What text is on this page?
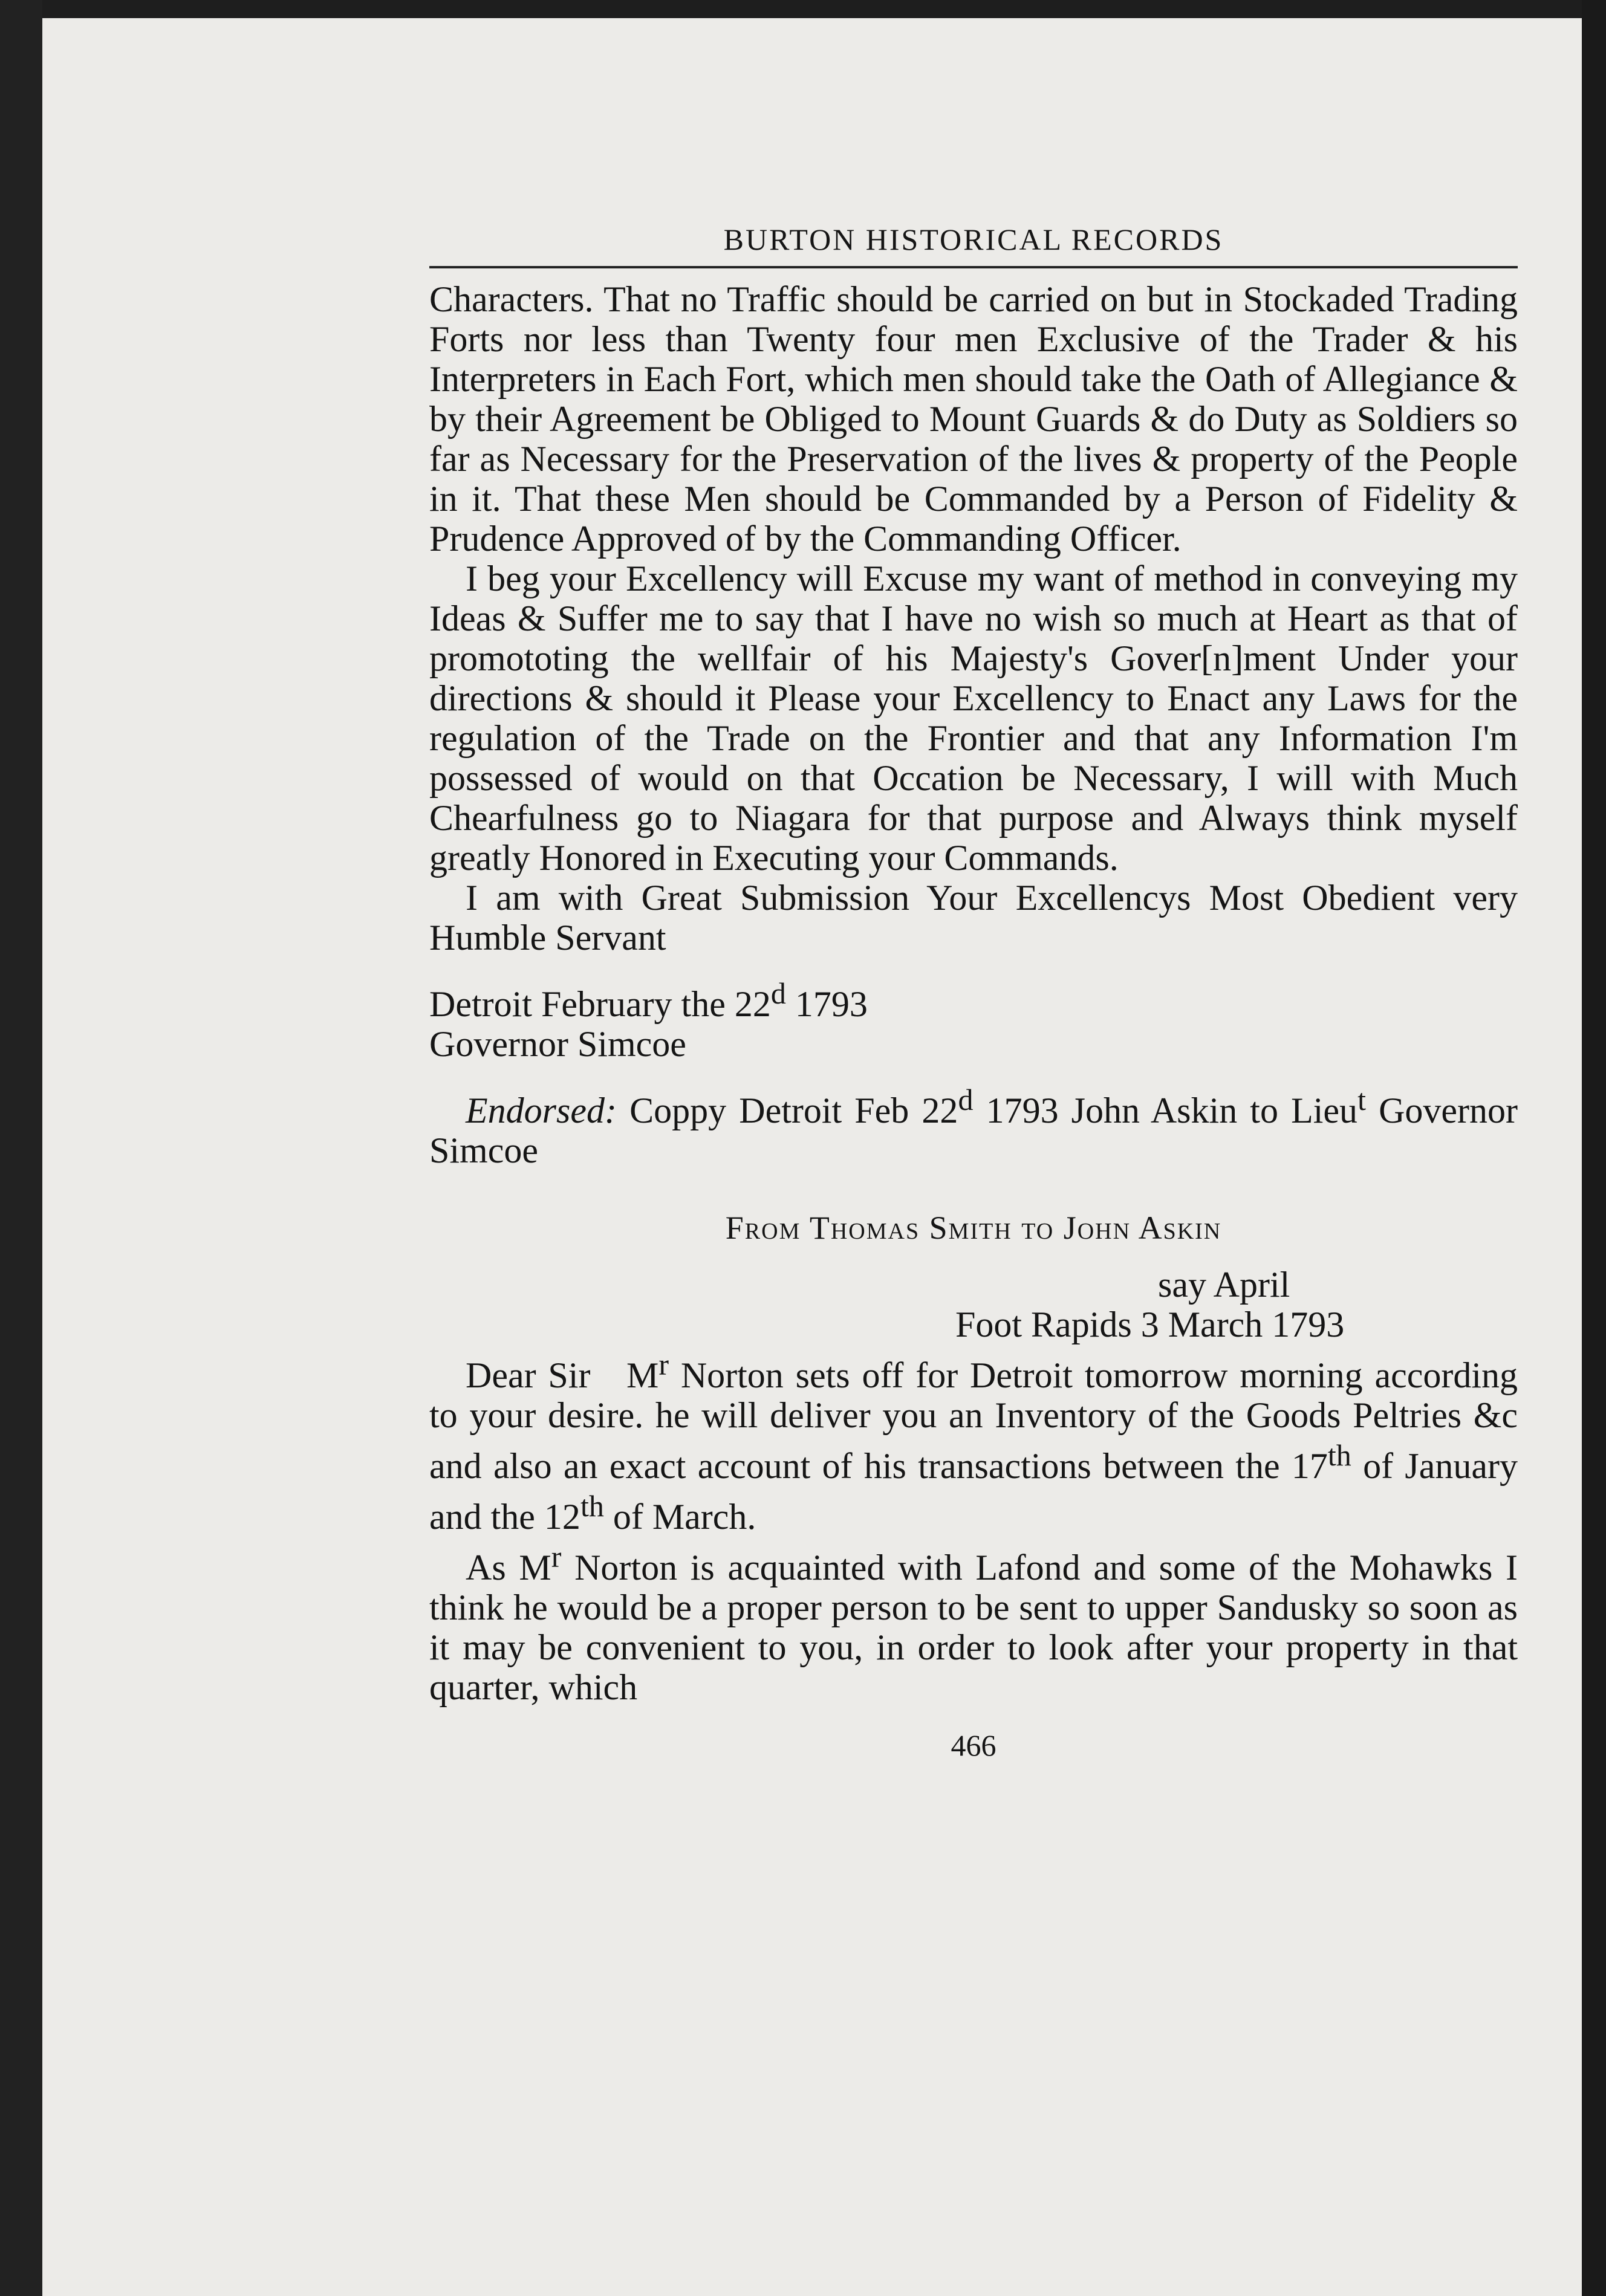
BURTON HISTORICAL RECORDS

Characters. That no Traffic should be carried on but in Stockaded Trading Forts nor less than Twenty four men Exclusive of the Trader & his Interpreters in Each Fort, which men should take the Oath of Allegiance & by their Agreement be Obliged to Mount Guards & do Duty as Soldiers so far as Necessary for the Preservation of the lives & property of the People in it. That these Men should be Commanded by a Person of Fidelity & Prudence Approved of by the Commanding Officer.

I beg your Excellency will Excuse my want of method in conveying my Ideas & Suffer me to say that I have no wish so much at Heart as that of promototing the wellfair of his Majesty's Gover[n]ment Under your directions & should it Please your Excellency to Enact any Laws for the regulation of the Trade on the Frontier and that any Information I'm possessed of would on that Occation be Necessary, I will with Much Chearfulness go to Niagara for that purpose and Always think myself greatly Honored in Executing your Commands.

I am with Great Submission Your Excellencys Most Obedient very Humble Servant

Detroit February the 22$^d$ 1793

Governor Simcoe

Endorsed: Coppy Detroit Feb 22$^d$ 1793 John Askin to Lieu$^t$ Governor Simcoe

From Thomas Smith to John Askin

say April

Foot Rapids 3 March 1793

Dear Sir $M^r$ Norton sets off for Detroit tomorrow morning according to your desire. he will deliver you an Inventory of the Goods Peltries &c and also an exact account of his transactions between the 17th of January and the 12th of March.

As $M^r$ Norton is acquainted with Lafond and some of the Mohawks I think he would be a proper person to be sent to upper Sandusky so soon as it may be convenient to you, in order to look after your property in that quarter, which

466
